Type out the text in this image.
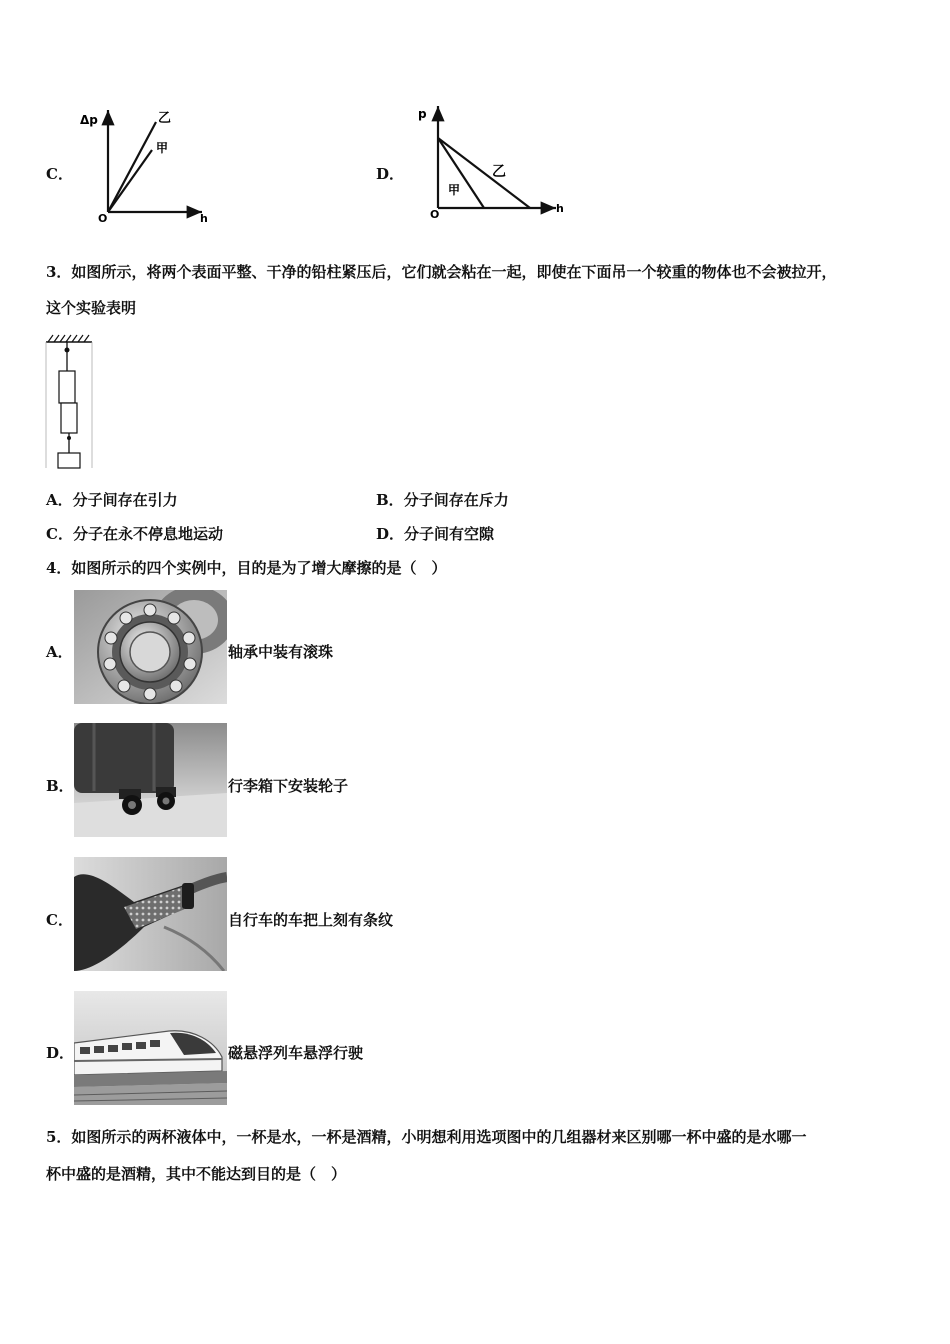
C．
Δp	乙
甲
O	h
D．
p
甲
乙
O	h
3．如图所示，将两个表面平整、干净的铅柱紧压后，它们就会粘在一起，即使在下面吊一个较重的物体也不会被拉开，
这个实验表明
A．分子间存在引力	B．分子间存在斥力
C．分子在永不停息地运动	D．分子间有空隙
4．如图所示的四个实例中，目的是为了增大摩擦的是（　）
A．	轴承中装有滚珠
B．	行李箱下安装轮子
C．	自行车的车把上刻有条纹
D．	磁悬浮列车悬浮行驶
5．如图所示的两杯液体中，一杯是水，一杯是酒精，小明想利用选项图中的几组器材来区别哪一杯中盛的是水哪一
杯中盛的是酒精，其中不能达到目的是（　）
